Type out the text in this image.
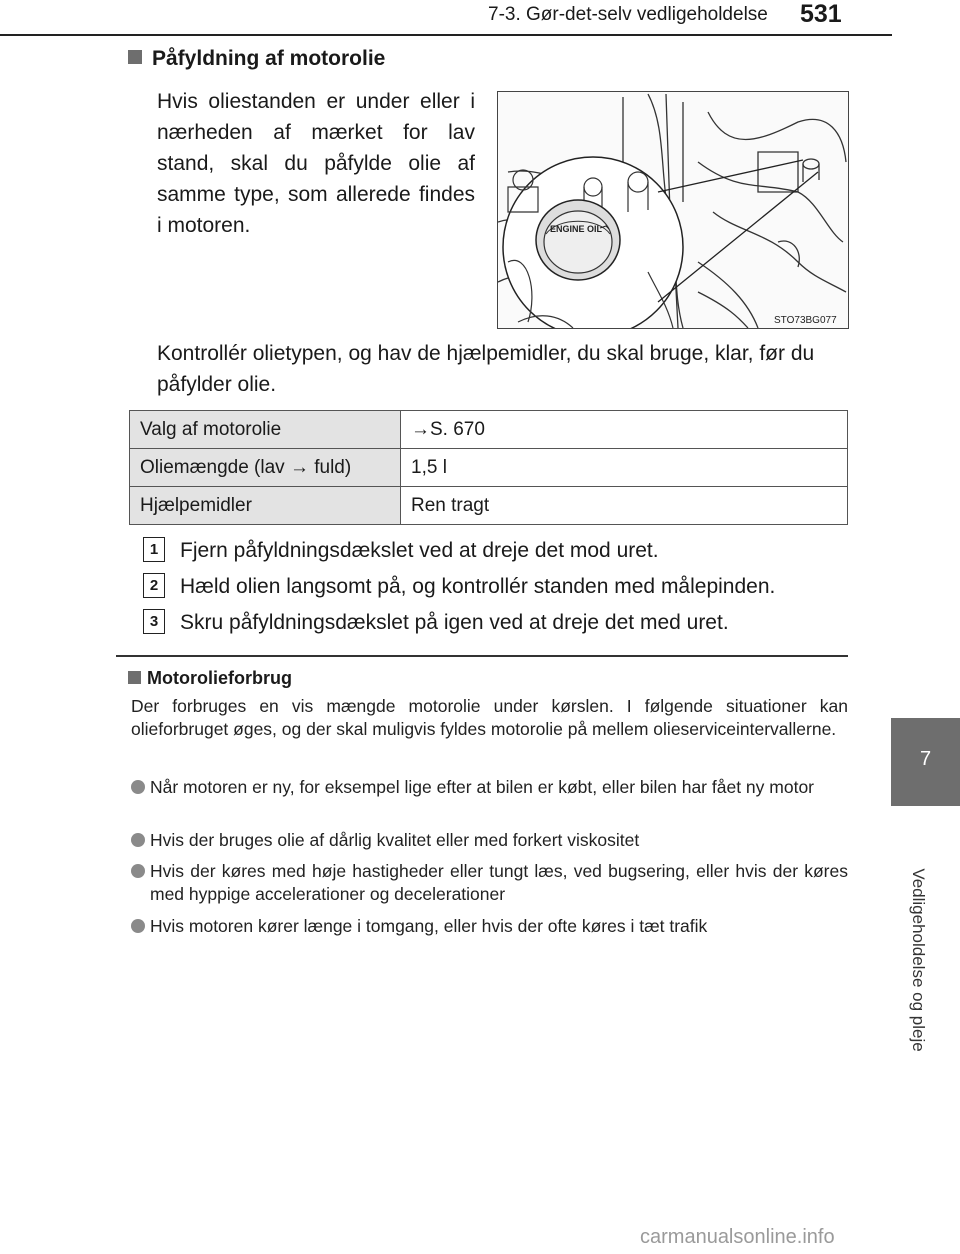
7-3. Gør-det-selv vedligeholdelse 531
7
Vedligeholdelse og pleje
Påfyldning af motorolie
Hvis oliestanden er under eller i nærheden af mærket for lav stand, skal du påfylde olie af samme type, som allerede findes i motoren.	ENGINE OIL
STO73BG077
Kontrollér olietypen, og hav de hjælpemidler, du skal bruge, klar, før du påfylder olie.
Valg af motorolie	→S. 670
Oliemængde (lav → fuld)	1,5 l
Hjælpemidler	Ren tragt
1	Fjern påfyldningsdækslet ved at dreje det mod uret.
2	Hæld olien langsomt på, og kontrollér standen med målepinden.
3	Skru påfyldningsdækslet på igen ved at dreje det med uret.
Motorolieforbrug
Der forbruges en vis mængde motorolie under kørslen. I følgende situationer kan olieforbruget øges, og der skal muligvis fyldes motorolie på mellem olieserviceintervallerne.
Når motoren er ny, for eksempel lige efter at bilen er købt, eller bilen har fået ny motor
Hvis der bruges olie af dårlig kvalitet eller med forkert viskositet
Hvis der køres med høje hastigheder eller tungt læs, ved bugsering, eller hvis der køres med hyppige accelerationer og decelerationer
Hvis motoren kører længe i tomgang, eller hvis der ofte køres i tæt trafik
carmanualsonline.info
